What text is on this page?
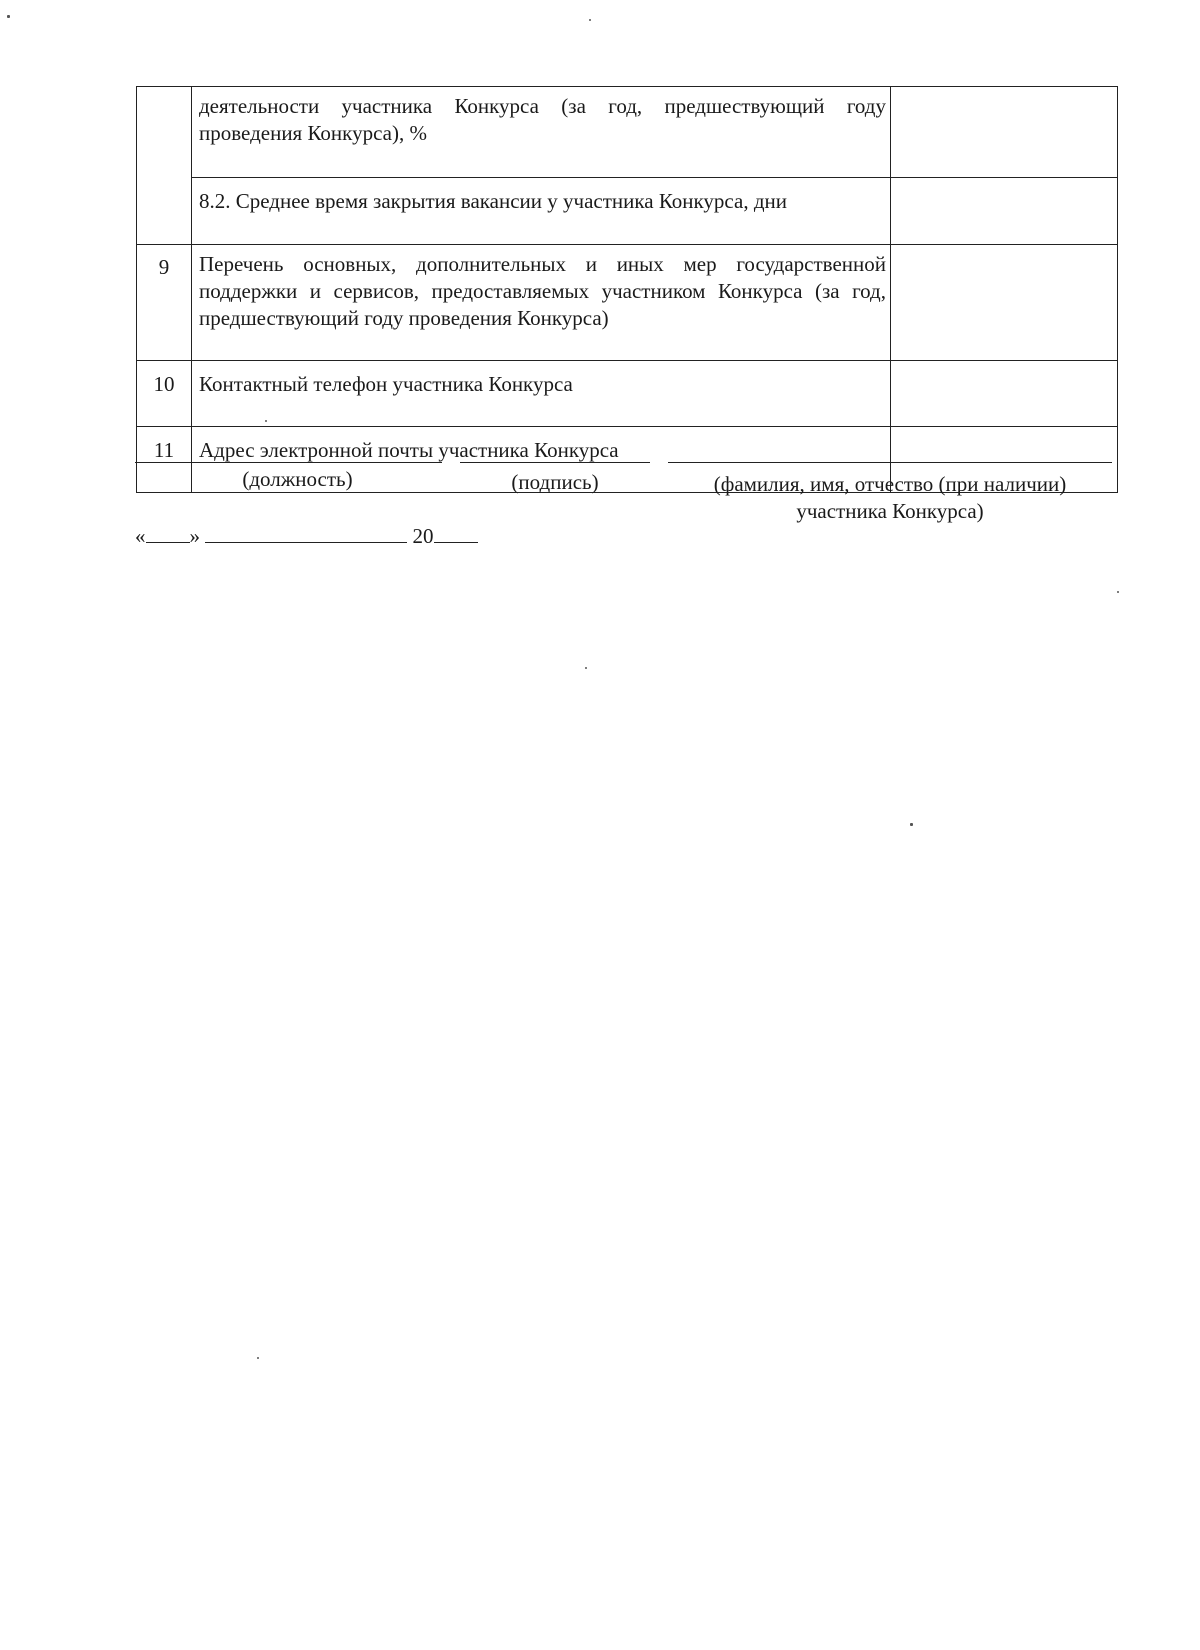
	деятельности участника Конкурса (за год, предшествующий году проведения Конкурса), %	
	8.2. Среднее время закрытия вакансии у участника Конкурса, дни	
9	Перечень основных, дополнительных и иных мер государственной поддержки и сервисов, предоставляемых участником Конкурса (за год, предшествующий году проведения Конкурса)	
10	Контактный телефон участника Конкурса	
11	Адрес электронной почты участника Конкурса	
(должность)	(подпись)	(фамилия, имя, отчество (при наличии)
участника Конкурса)
« »	20
